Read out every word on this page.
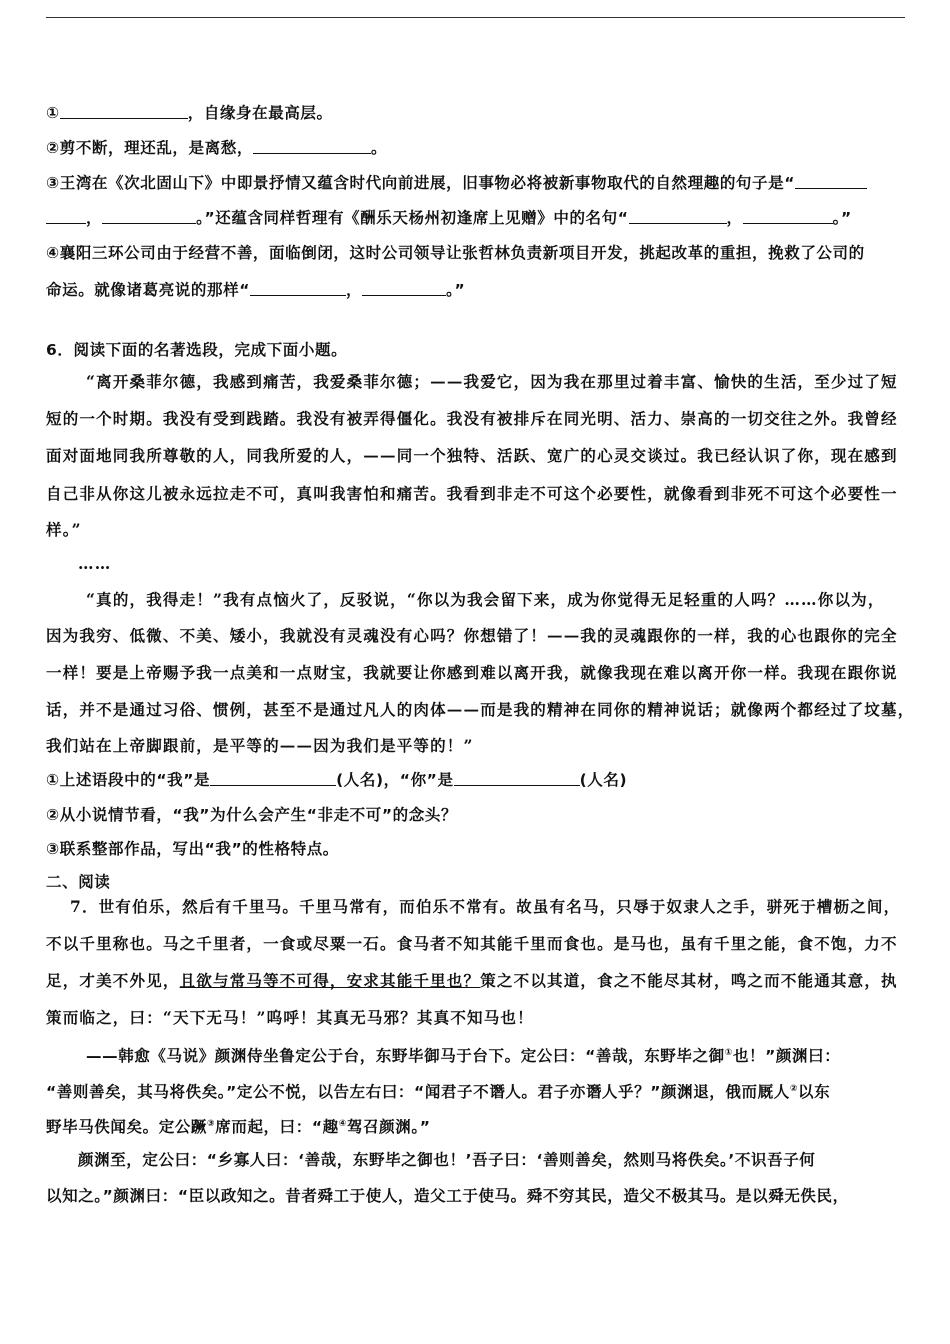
①	，自缘身在最高层。
②剪不断，理还乱，是离愁，	。
③王湾在《次北固山下》中即景抒情又蕴含时代向前进展，旧事物必将被新事物取代的自然理趣的句子是“
，	。”还蕴含同样哲理有《酬乐天杨州初逢席上见赠》中的名句“	，	。”
④襄阳三环公司由于经营不善，面临倒闭，这时公司领导让张哲林负责新项目开发，挑起改革的重担，挽救了公司的
命运。就像诸葛亮说的那样“	，	。”
6．阅读下面的名著选段，完成下面小题。
“离开桑菲尔德，我感到痛苦，我爱桑菲尔德；——我爱它，因为我在那里过着丰富、愉快的生活，至少过了短
短的一个时期。我没有受到践踏。我没有被弄得僵化。我没有被排斥在同光明、活力、崇高的一切交往之外。我曾经
面对面地同我所尊敬的人，同我所爱的人，——同一个独特、活跃、宽广的心灵交谈过。我已经认识了你，现在感到
自己非从你这儿被永远拉走不可，真叫我害怕和痛苦。我看到非走不可这个必要性，就像看到非死不可这个必要性一
样。”
……
“真的，我得走！”我有点恼火了，反驳说，“你以为我会留下来，成为你觉得无足轻重的人吗？……你以为，
因为我穷、低微、不美、矮小，我就没有灵魂没有心吗？你想错了！——我的灵魂跟你的一样，我的心也跟你的完全
一样！要是上帝赐予我一点美和一点财宝，我就要让你感到难以离开我，就像我现在难以离开你一样。我现在跟你说
话，并不是通过习俗、惯例，甚至不是通过凡人的肉体——而是我的精神在同你的精神说话；就像两个都经过了坟墓，
我们站在上帝脚跟前，是平等的——因为我们是平等的！”
①上述语段中的“我”是	(人名)，“你”是	(人名)
②从小说情节看，“我”为什么会产生“非走不可”的念头？
③联系整部作品，写出“我”的性格特点。
二、阅读
7．世有伯乐，然后有千里马。千里马常有，而伯乐不常有。故虽有名马，只辱于奴隶人之手，骈死于槽枥之间，
不以千里称也。马之千里者，一食或尽粟一石。食马者不知其能千里而食也。是马也，虽有千里之能，食不饱，力不
足，才美不外见，且欲与常马等不可得，安求其能千里也？策之不以其道，食之不能尽其材，鸣之而不能通其意，执
策而临之，曰：“天下无马！”呜呼！其真无马邪？其真不知马也！
——韩愈《马说》颜渊侍坐鲁定公于台，东野毕御马于台下。定公曰：“善哉，东野毕之御①也！”颜渊曰：
“善则善矣，其马将佚矣。”定公不悦，以告左右曰：“闻君子不谮人。君子亦谮人乎？”颜渊退，俄而厩人②以东
野毕马佚闻矣。定公蹶③席而起，曰：“趣④驾召颜渊。”
颜渊至，定公曰：“乡寡人曰：‘善哉，东野毕之御也！’吾子曰：‘善则善矣，然则马将佚矣。’不识吾子何
以知之。”颜渊曰：“臣以政知之。昔者舜工于使人，造父工于使马。舜不穷其民，造父不极其马。是以舜无佚民，
